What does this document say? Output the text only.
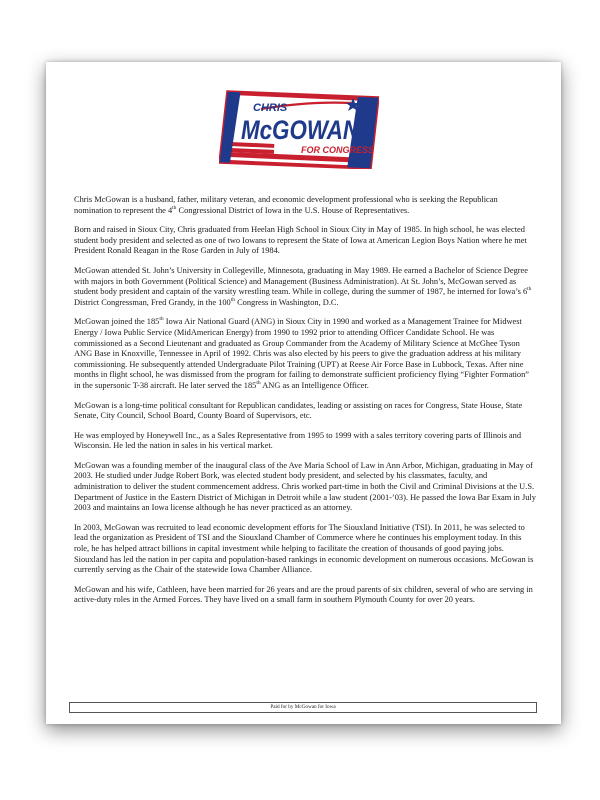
CHRIS
McGOWAN
FOR CONGRESS

Chris McGowan is a husband, father, military veteran, and economic development professional who is seeking the Republican nomination to represent the 4th Congressional District of Iowa in the U.S. House of Representatives.

Born and raised in Sioux City, Chris graduated from Heelan High School in Sioux City in May of 1985. In high school, he was elected student body president and selected as one of two Iowans to represent the State of Iowa at American Legion Boys Nation where he met President Ronald Reagan in the Rose Garden in July of 1984.

McGowan attended St. John’s University in Collegeville, Minnesota, graduating in May 1989. He earned a Bachelor of Science Degree with majors in both Government (Political Science) and Management (Business Administration). At St. John’s, McGowan served as student body president and captain of the varsity wrestling team. While in college, during the summer of 1987, he interned for Iowa’s 6th District Congressman, Fred Grandy, in the 100th Congress in Washington, D.C.

McGowan joined the 185th Iowa Air National Guard (ANG) in Sioux City in 1990 and worked as a Management Trainee for Midwest Energy / Iowa Public Service (MidAmerican Energy) from 1990 to 1992 prior to attending Officer Candidate School. He was commissioned as a Second Lieutenant and graduated as Group Commander from the Academy of Military Science at McGhee Tyson ANG Base in Knoxville, Tennessee in April of 1992. Chris was also elected by his peers to give the graduation address at his military commissioning. He subsequently attended Undergraduate Pilot Training (UPT) at Reese Air Force Base in Lubbock, Texas. After nine months in flight school, he was dismissed from the program for failing to demonstrate sufficient proficiency flying “Fighter Formation” in the supersonic T-38 aircraft. He later served the 185th ANG as an Intelligence Officer.

McGowan is a long-time political consultant for Republican candidates, leading or assisting on races for Congress, State House, State Senate, City Council, School Board, County Board of Supervisors, etc.

He was employed by Honeywell Inc., as a Sales Representative from 1995 to 1999 with a sales territory covering parts of Illinois and Wisconsin. He led the nation in sales in his vertical market.

McGowan was a founding member of the inaugural class of the Ave Maria School of Law in Ann Arbor, Michigan, graduating in May of 2003. He studied under Judge Robert Bork, was elected student body president, and selected by his classmates, faculty, and administration to deliver the student commencement address. Chris worked part-time in both the Civil and Criminal Divisions at the U.S. Department of Justice in the Eastern District of Michigan in Detroit while a law student (2001-’03). He passed the Iowa Bar Exam in July 2003 and maintains an Iowa license although he has never practiced as an attorney.

In 2003, McGowan was recruited to lead economic development efforts for The Siouxland Initiative (TSI). In 2011, he was selected to lead the organization as President of TSI and the Siouxland Chamber of Commerce where he continues his employment today. In this role, he has helped attract billions in capital investment while helping to facilitate the creation of thousands of good paying jobs. Siouxland has led the nation in per capita and population-based rankings in economic development on numerous occasions. McGowan is currently serving as the Chair of the statewide Iowa Chamber Alliance.

McGowan and his wife, Cathleen, have been married for 26 years and are the proud parents of six children, several of who are serving in active-duty roles in the Armed Forces. They have lived on a small farm in southern Plymouth County for over 20 years.

Paid for by McGowan for Iowa
